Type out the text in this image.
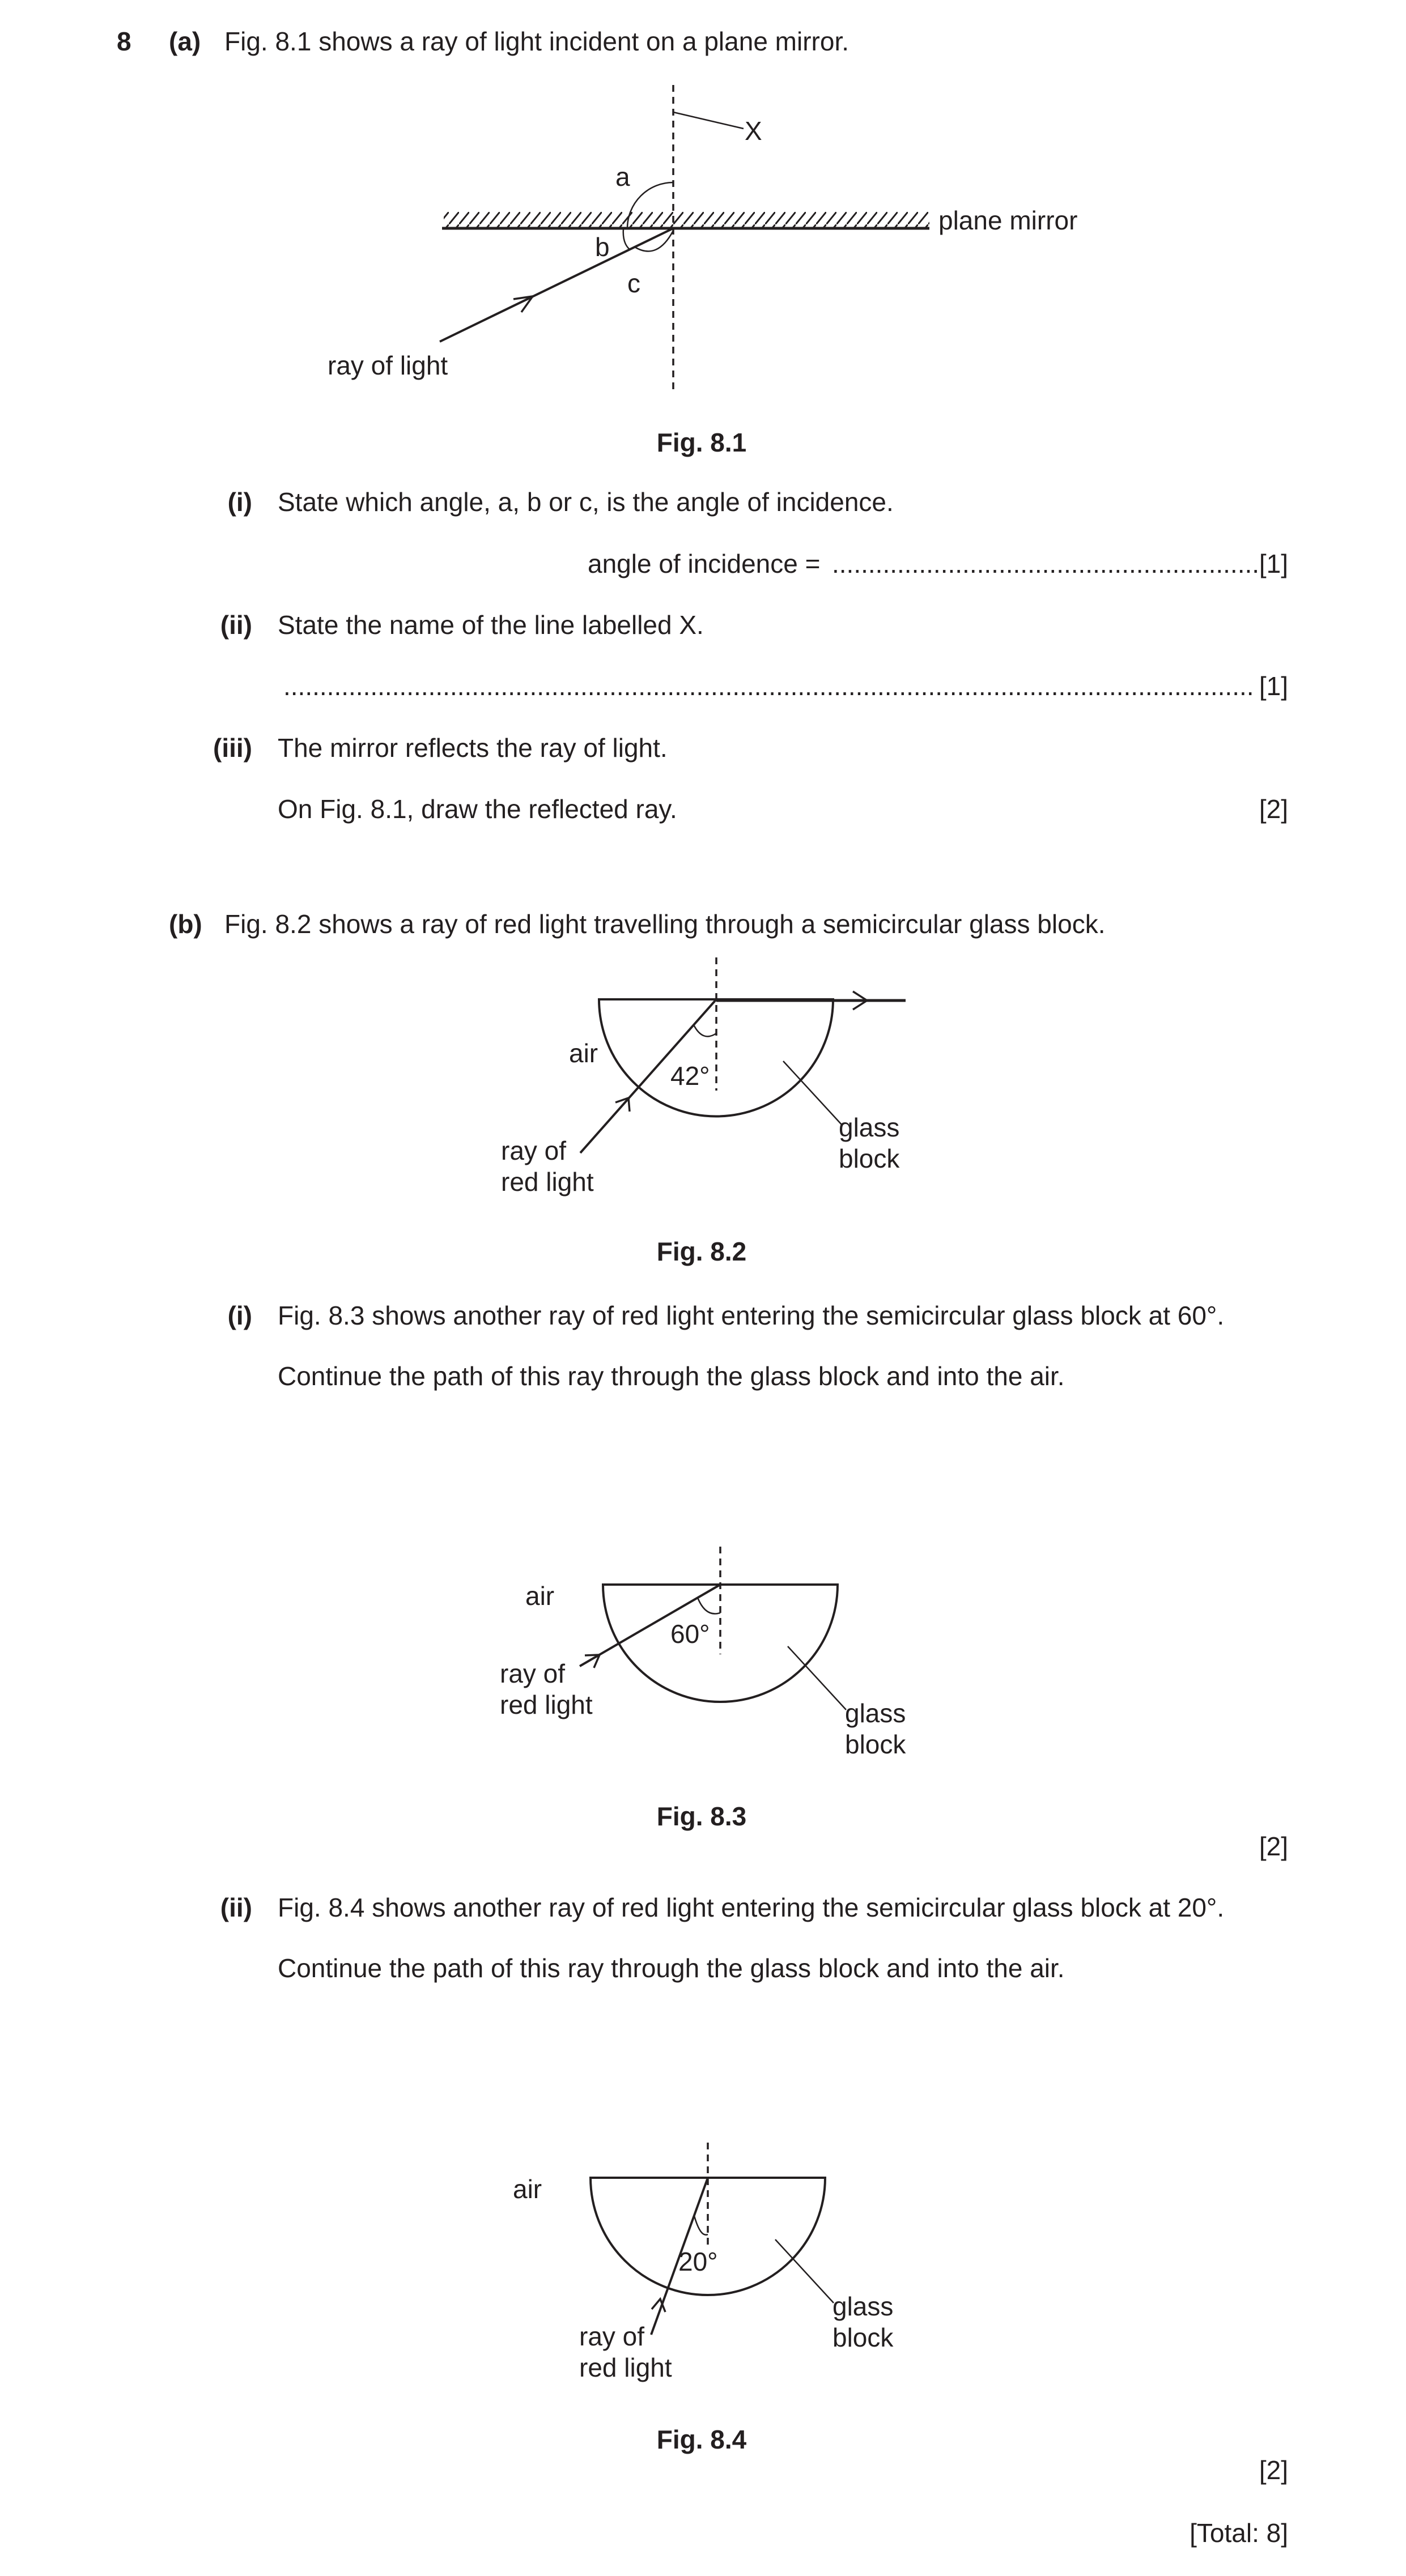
8 (a) Fig. 8.1 shows a ray of light incident on a plane mirror.
a
b
c
X
plane mirror
ray of light
Fig. 8.1
(i) State which angle, a, b or c, is the angle of incidence.
angle of incidence = ........................................................... [1]
(ii) State the name of the line labelled X.
...................................................................................................................................... [1]
(iii) The mirror reflects the ray of light.
On Fig. 8.1, draw the reflected ray.	[2]
(b) Fig. 8.2 shows a ray of red light travelling through a semicircular glass block.
air
42°
ray of
red light
glass
block
Fig. 8.2
(i) Fig. 8.3 shows another ray of red light entering the semicircular glass block at 60°.
Continue the path of this ray through the glass block and into the air.
air
60°
ray of
red light	glass
block
Fig. 8.3
[2]
(ii) Fig. 8.4 shows another ray of red light entering the semicircular glass block at 20°.
Continue the path of this ray through the glass block and into the air.
air
20°
ray of
red light
glass
block
Fig. 8.4
[2]
[Total: 8]
